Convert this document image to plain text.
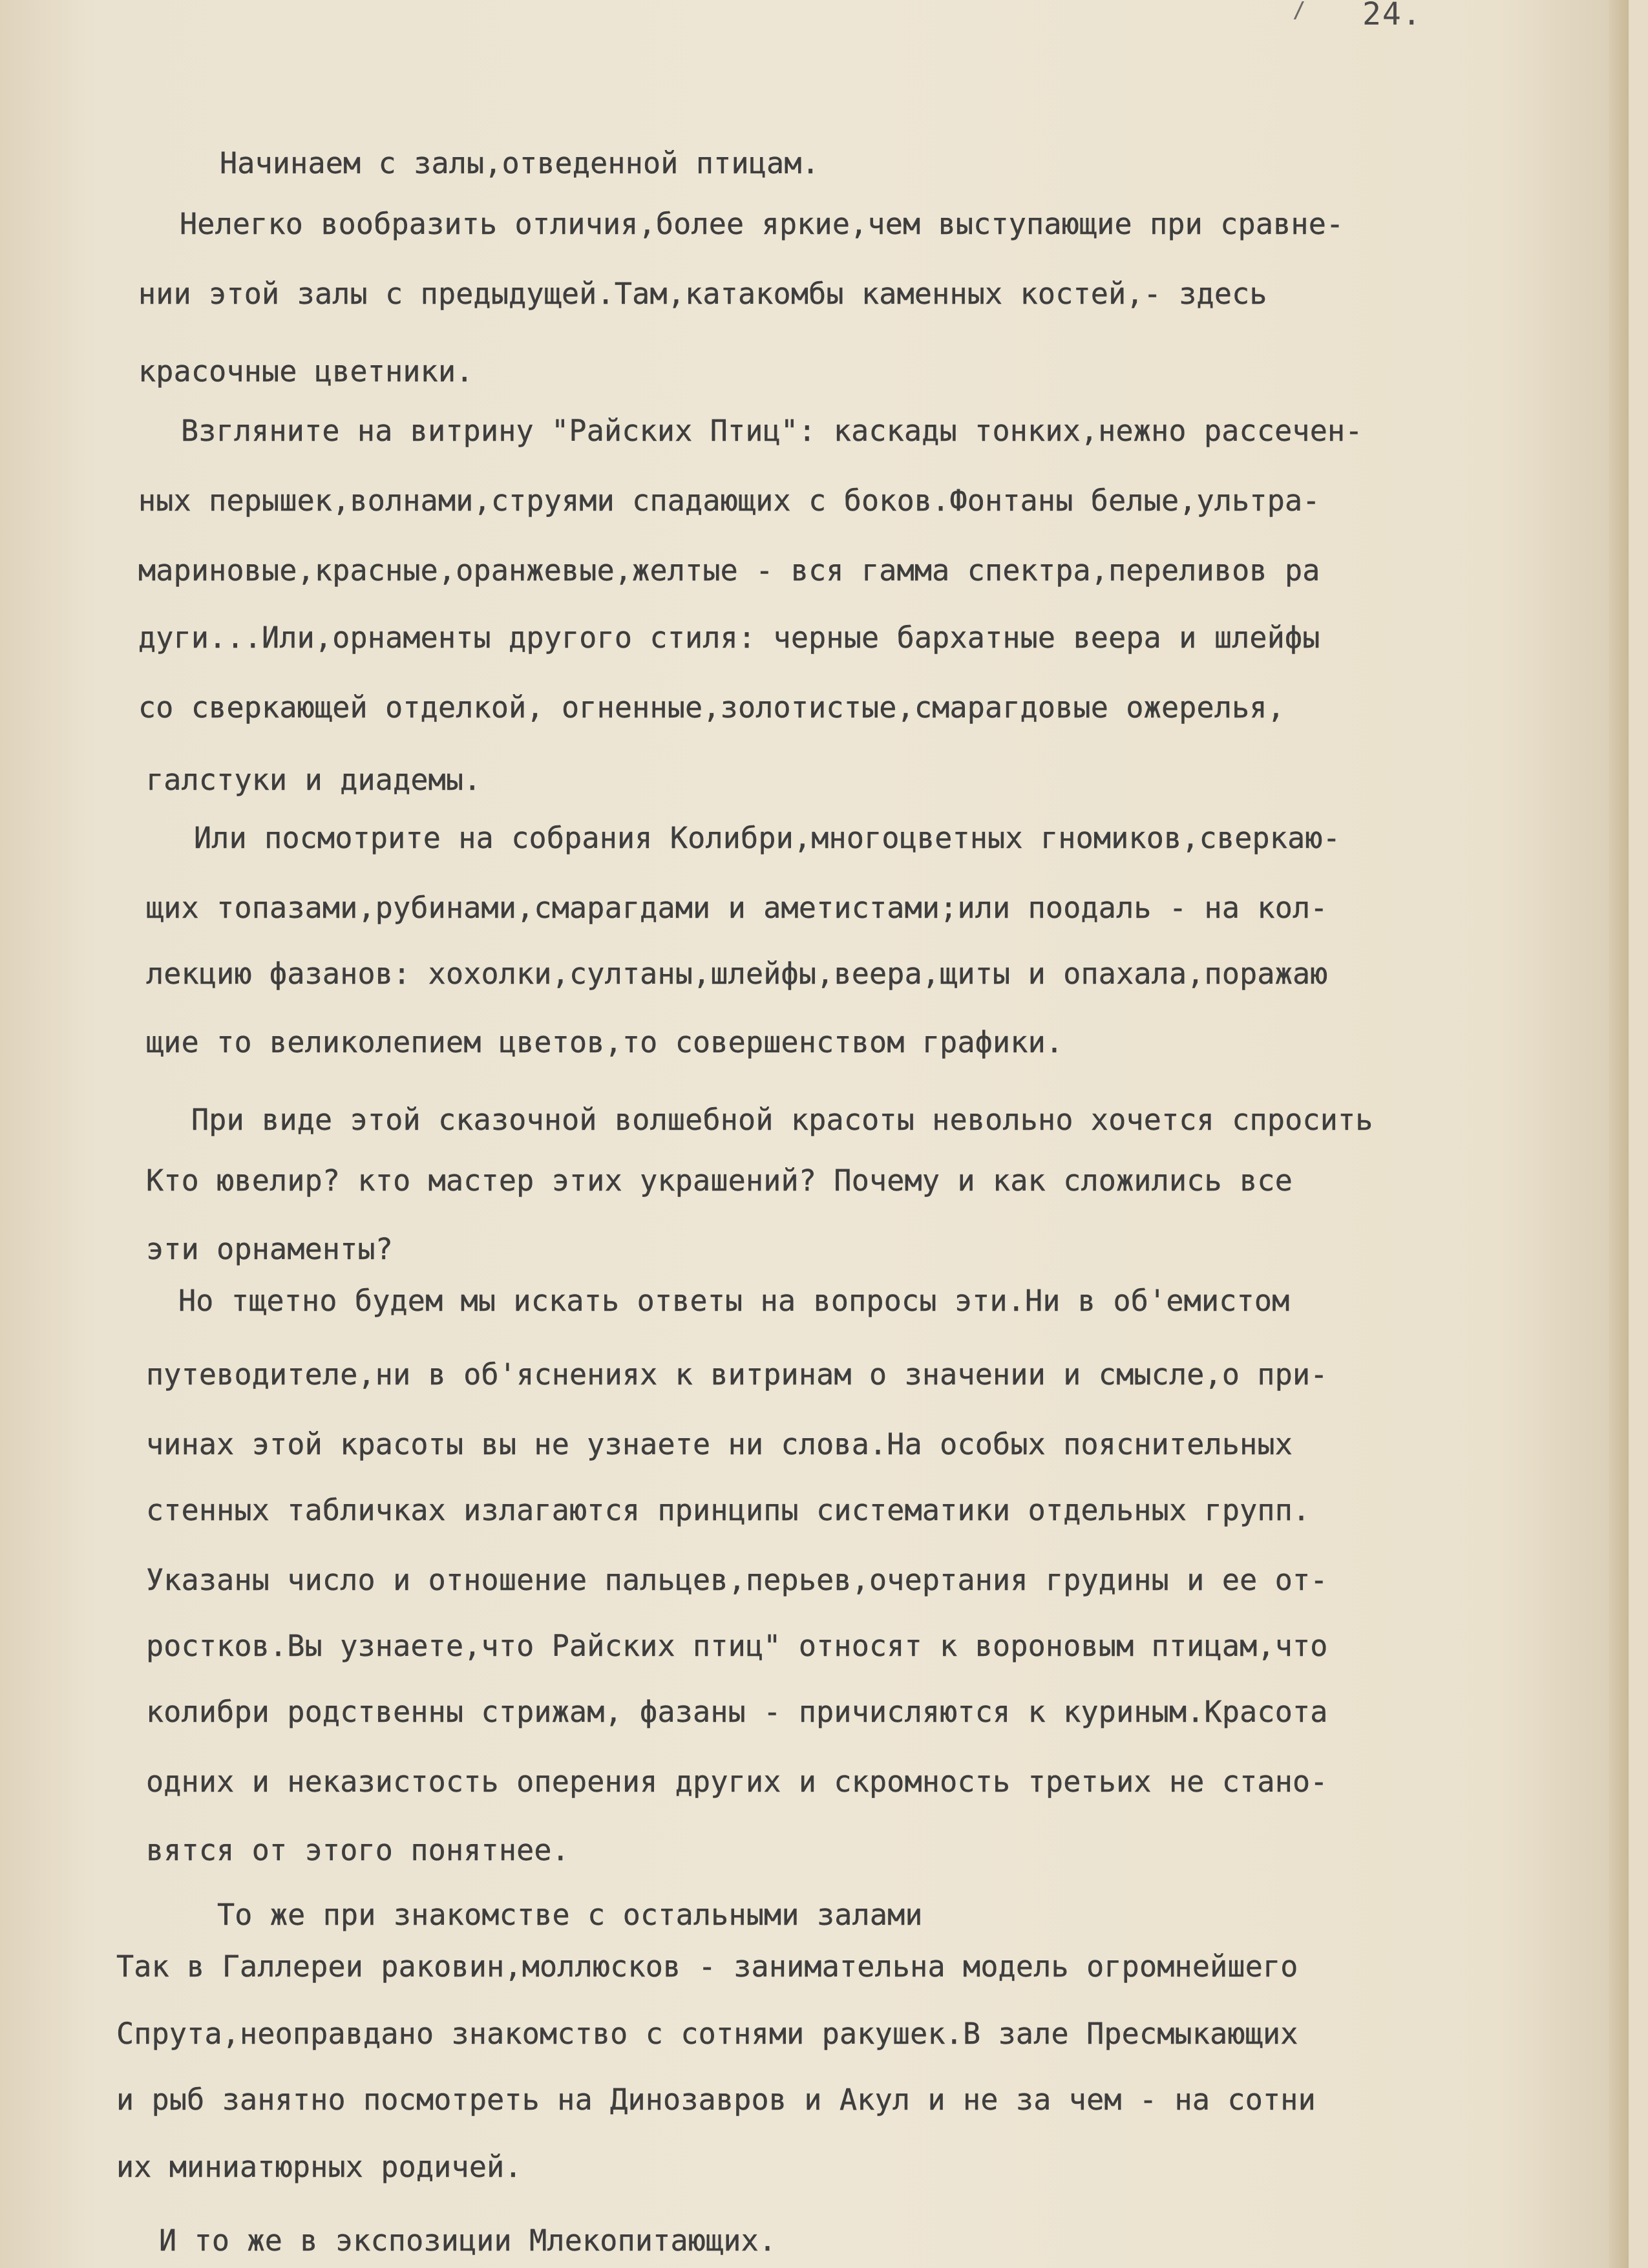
/ 24.
Начинаем с залы,отведенной птицам.
Нелегко вообразить отличия,более яркие,чем выступающие при сравне-
нии этой залы с предыдущей.Там,катакомбы каменных костей,- здесь
красочные цветники.
Взгляните на витрину "Райских Птиц": каскады тонких,нежно рассечен-
ных перышек,волнами,струями спадающих с боков.Фонтаны белые,ультра-
мариновые,красные,оранжевые,желтые - вся гамма спектра,переливов ра
дуги...Или,орнаменты другого стиля: черные бархатные веера и шлейфы
со сверкающей отделкой, огненные,золотистые,смарагдовые ожерелья,
галстуки и диадемы.
Или посмотрите на собрания Колибри,многоцветных гномиков,сверкаю-
щих топазами,рубинами,смарагдами и аметистами;или поодаль - на кол-
лекцию фазанов: хохолки,султаны,шлейфы,веера,щиты и опахала,поражаю
щие то великолепием цветов,то совершенством графики.
При виде этой сказочной волшебной красоты невольно хочется спросить
Кто ювелир? кто мастер этих украшений? Почему и как сложились все
эти орнаменты?
Но тщетно будем мы искать ответы на вопросы эти.Ни в об'емистом
путеводителе,ни в об'яснениях к витринам о значении и смысле,о при-
чинах этой красоты вы не узнаете ни слова.На особых пояснительных
стенных табличках излагаются принципы систематики отдельных групп.
Указаны число и отношение пальцев,перьев,очертания грудины и ее от-
ростков.Вы узнаете,что Райских птиц" относят к вороновым птицам,что
колибри родственны стрижам, фазаны - причисляются к куриным.Красота
одних и неказистость оперения других и скромность третьих не стано-
вятся от этого понятнее.
То же при знакомстве с остальными залами
Так в Галлереи раковин,моллюсков - занимательна модель огромнейшего
Спрута,неоправдано знакомство с сотнями ракушек.В зале Пресмыкающих
и рыб занятно посмотреть на Динозавров и Акул и не за чем - на сотни
их миниатюрных родичей.
И то же в экспозиции Млекопитающих.
